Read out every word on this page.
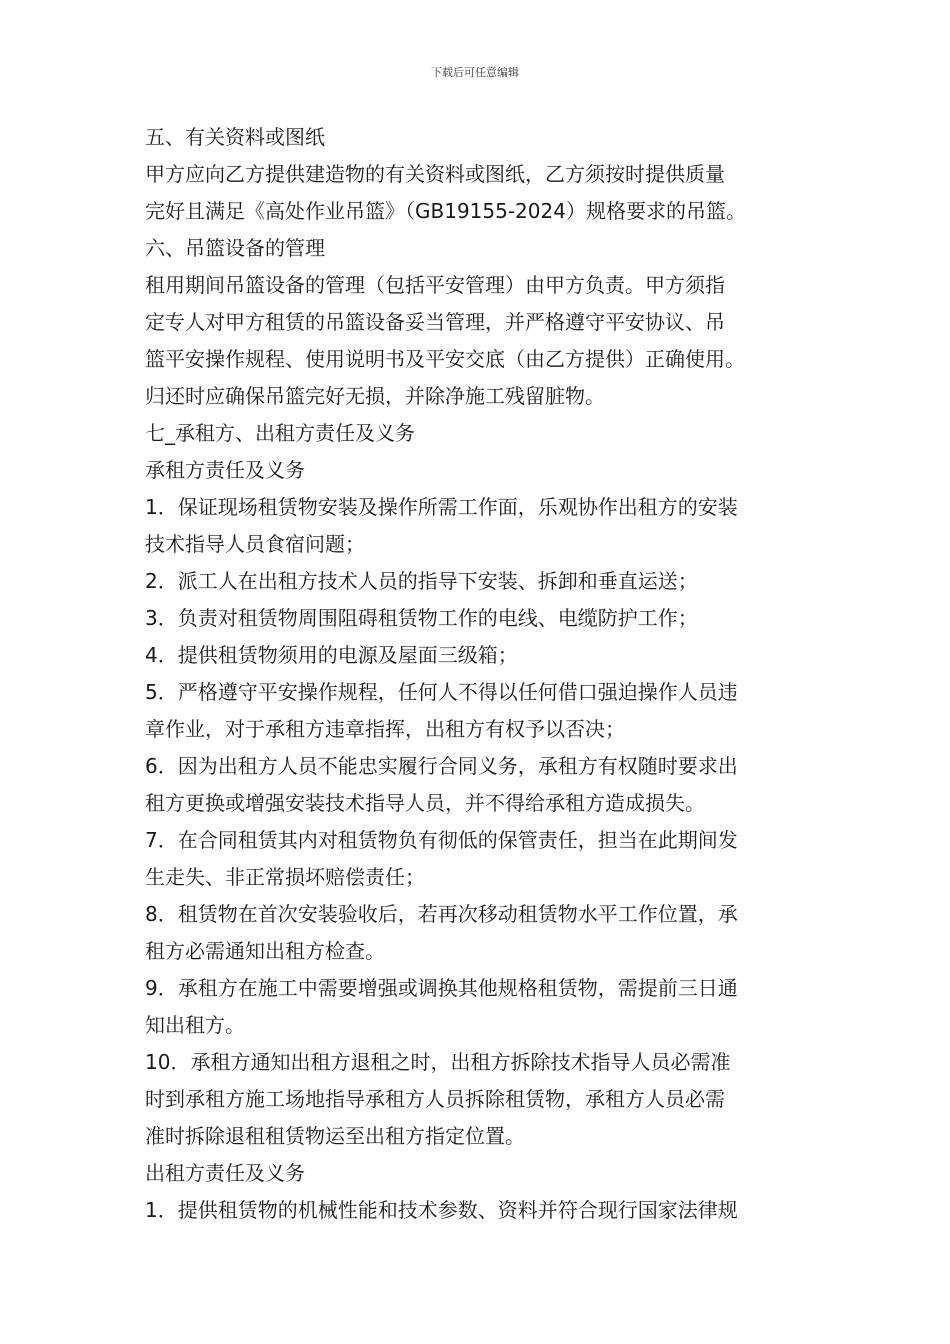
下载后可任意编辑

五、有关资料或图纸

甲方应向乙方提供建造物的有关资料或图纸，乙方须按时提供质量

完好且满足《高处作业吊篮》（GB19155-2024）规格要求的吊篮。

六、吊篮设备的管理

租用期间吊篮设备的管理（包括平安管理）由甲方负责。甲方须指

定专人对甲方租赁的吊篮设备妥当管理，并严格遵守平安协议、吊

篮平安操作规程、使用说明书及平安交底（由乙方提供）正确使用。

归还时应确保吊篮完好无损，并除净施工残留脏物。

七_承租方、出租方责任及义务

承租方责任及义务

1．保证现场租赁物安装及操作所需工作面，乐观协作出租方的安装

技术指导人员食宿问题；

2．派工人在出租方技术人员的指导下安装、拆卸和垂直运送；

3．负责对租赁物周围阻碍租赁物工作的电线、电缆防护工作；

4．提供租赁物须用的电源及屋面三级箱；

5．严格遵守平安操作规程，任何人不得以任何借口强迫操作人员违

章作业，对于承租方违章指挥，出租方有权予以否决；

6．因为出租方人员不能忠实履行合同义务，承租方有权随时要求出

租方更换或增强安装技术指导人员，并不得给承租方造成损失。

7．在合同租赁其内对租赁物负有彻低的保管责任，担当在此期间发

生走失、非正常损坏赔偿责任；

8．租赁物在首次安装验收后，若再次移动租赁物水平工作位置，承

租方必需通知出租方检查。

9．承租方在施工中需要增强或调换其他规格租赁物，需提前三日通

知出租方。

10．承租方通知出租方退租之时，出租方拆除技术指导人员必需准

时到承租方施工场地指导承租方人员拆除租赁物，承租方人员必需

准时拆除退租租赁物运至出租方指定位置。

出租方责任及义务

1．提供租赁物的机械性能和技术参数、资料并符合现行国家法律规
